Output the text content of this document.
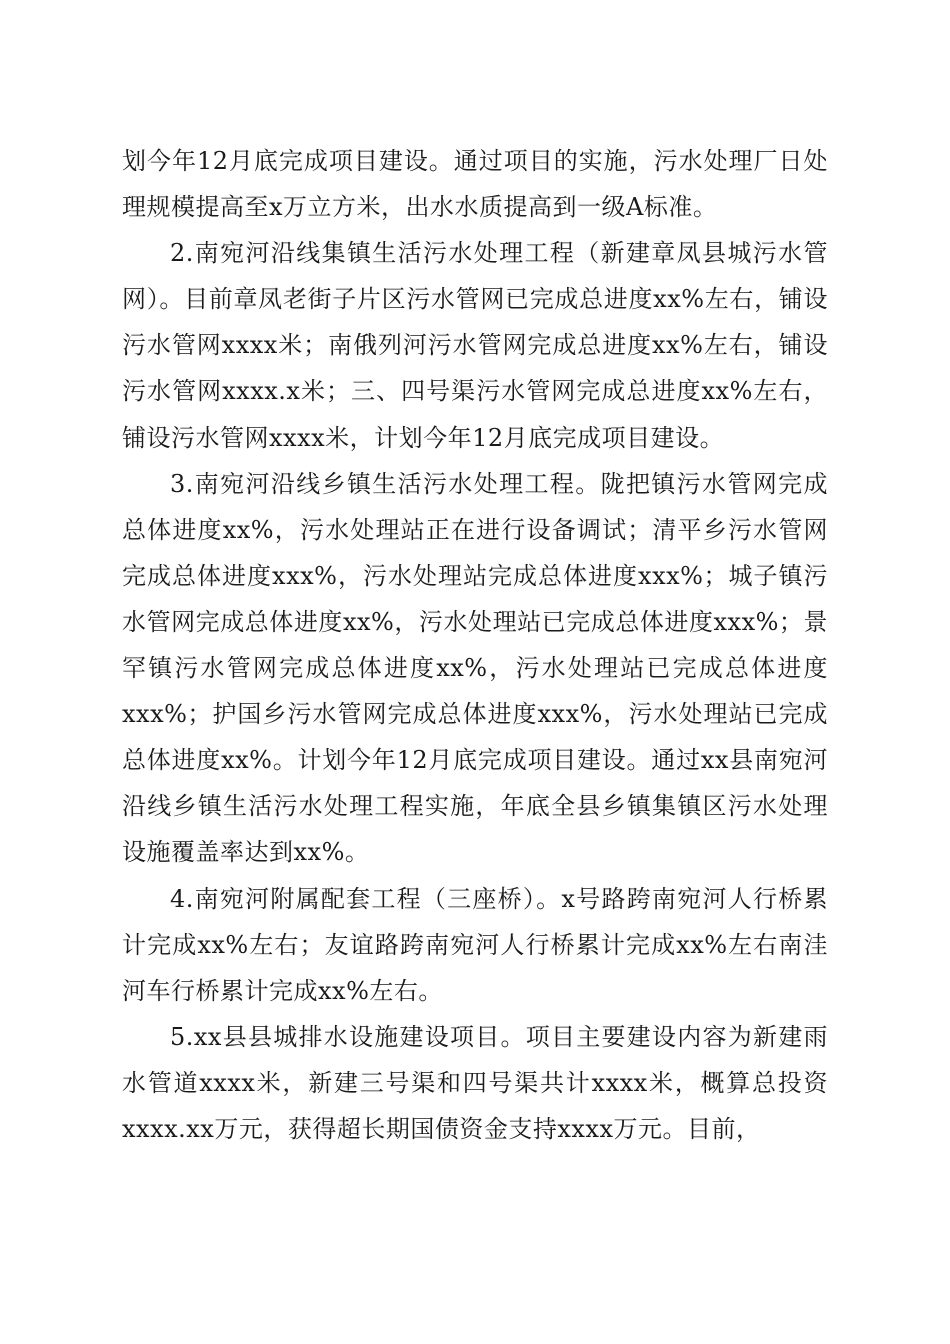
划今年12月底完成项目建设。通过项目的实施，污水处理厂日处理规模提高至x万立方米，出水水质提高到一级A标准。

2.南宛河沿线集镇生活污水处理工程（新建章凤县城污水管网）。目前章凤老街子片区污水管网已完成总进度xx%左右，铺设污水管网xxxx米；南俄列河污水管网完成总进度xx%左右，铺设污水管网xxxx.x米；三、四号渠污水管网完成总进度xx%左右，铺设污水管网xxxx米，计划今年12月底完成项目建设。

3.南宛河沿线乡镇生活污水处理工程。陇把镇污水管网完成总体进度xx%，污水处理站正在进行设备调试；清平乡污水管网完成总体进度xxx%，污水处理站完成总体进度xxx%；城子镇污水管网完成总体进度xx%，污水处理站已完成总体进度xxx%；景罕镇污水管网完成总体进度xx%，污水处理站已完成总体进度xxx%；护国乡污水管网完成总体进度xxx%，污水处理站已完成总体进度xx%。计划今年12月底完成项目建设。通过xx县南宛河沿线乡镇生活污水处理工程实施，年底全县乡镇集镇区污水处理设施覆盖率达到xx%。

4.南宛河附属配套工程（三座桥）。x号路跨南宛河人行桥累计完成xx%左右；友谊路跨南宛河人行桥累计完成xx%左右南洼河车行桥累计完成xx%左右。

5.xx县县城排水设施建设项目。项目主要建设内容为新建雨水管道xxxx米，新建三号渠和四号渠共计xxxx米，概算总投资xxxx.xx万元，获得超长期国债资金支持xxxx万元。目前，
